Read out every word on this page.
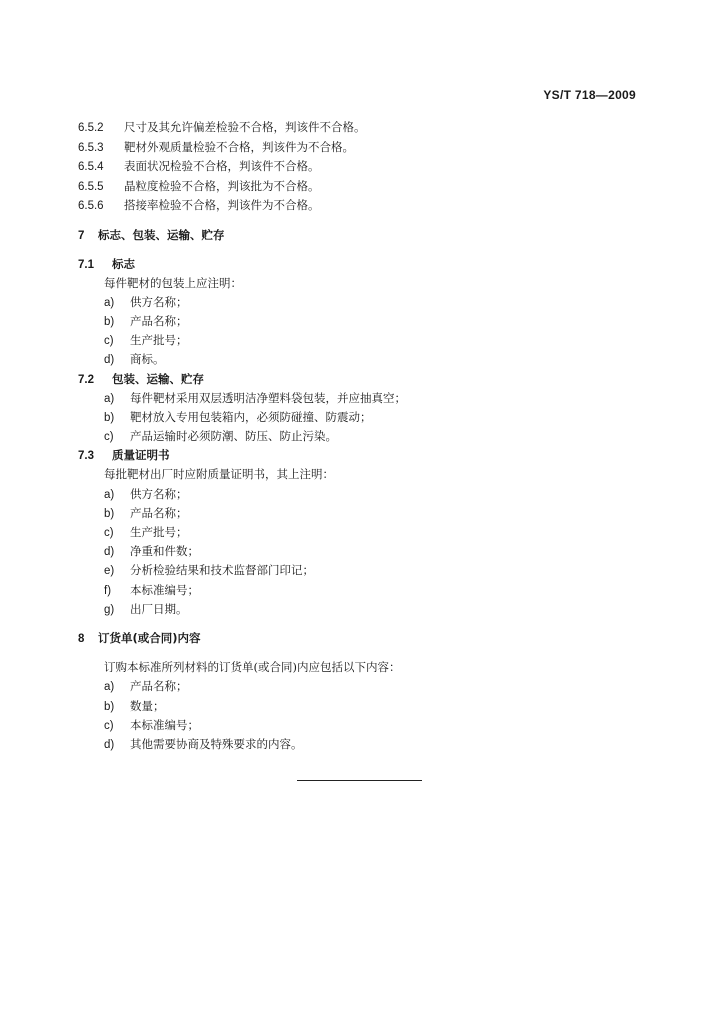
YS/T 718—2009
6.5.2 尺寸及其允许偏差检验不合格，判该件不合格。
6.5.3 靶材外观质量检验不合格，判该件为不合格。
6.5.4 表面状况检验不合格，判该件不合格。
6.5.5 晶粒度检验不合格，判该批为不合格。
6.5.6 搭接率检验不合格，判该件为不合格。
7 标志、包装、运输、贮存
7.1 标志
每件靶材的包装上应注明：
a) 供方名称；
b) 产品名称；
c) 生产批号；
d) 商标。
7.2 包装、运输、贮存
a) 每件靶材采用双层透明洁净塑料袋包装，并应抽真空；
b) 靶材放入专用包装箱内，必须防碰撞、防震动；
c) 产品运输时必须防潮、防压、防止污染。
7.3 质量证明书
每批靶材出厂时应附质量证明书，其上注明：
a) 供方名称；
b) 产品名称；
c) 生产批号；
d) 净重和件数；
e) 分析检验结果和技术监督部门印记；
f) 本标准编号；
g) 出厂日期。
8 订货单(或合同)内容
订购本标准所列材料的订货单(或合同)内应包括以下内容：
a) 产品名称；
b) 数量；
c) 本标准编号；
d) 其他需要协商及特殊要求的内容。
